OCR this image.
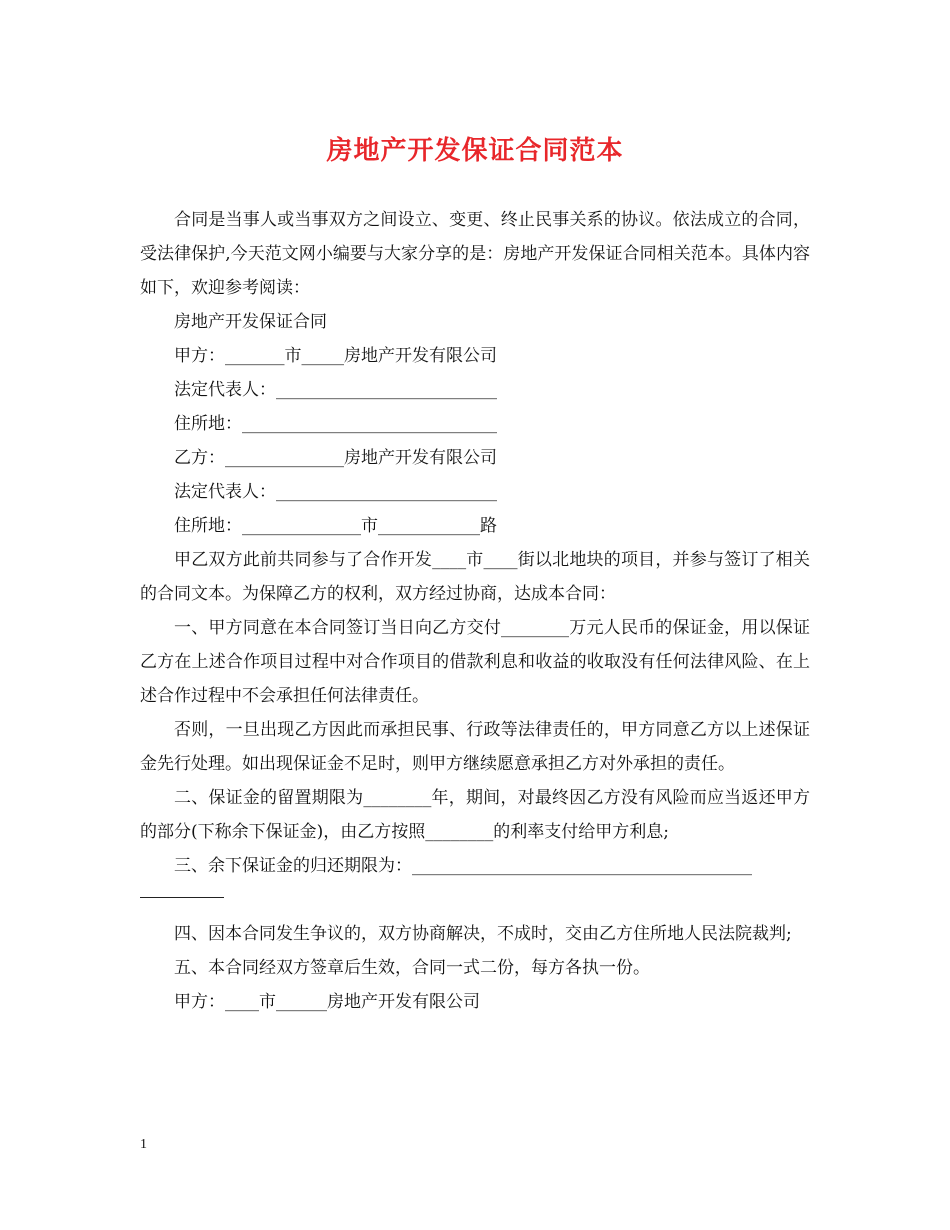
房地产开发保证合同范本

合同是当事人或当事双方之间设立、变更、终止民事关系的协议。依法成立的合同，受法律保护,今天范文网小编要与大家分享的是：房地产开发保证合同相关范本。具体内容如下，欢迎参考阅读：

房地产开发保证合同

甲方：_______市_____房地产开发有限公司

法定代表人：__________________________

住所地：______________________________

乙方：______________房地产开发有限公司

法定代表人：__________________________

住所地：______________市____________路

甲乙双方此前共同参与了合作开发____市____街以北地块的项目，并参与签订了相关的合同文本。为保障乙方的权利，双方经过协商，达成本合同：

一、甲方同意在本合同签订当日向乙方交付________万元人民币的保证金，用以保证乙方在上述合作项目过程中对合作项目的借款利息和收益的收取没有任何法律风险、在上述合作过程中不会承担任何法律责任。

否则，一旦出现乙方因此而承担民事、行政等法律责任的，甲方同意乙方以上述保证金先行处理。如出现保证金不足时，则甲方继续愿意承担乙方对外承担的责任。

二、保证金的留置期限为________年，期间，对最终因乙方没有风险而应当返还甲方的部分(下称余下保证金)，由乙方按照________的利率支付给甲方利息;

三、余下保证金的归还期限为：________________________________________

四、因本合同发生争议的，双方协商解决，不成时，交由乙方住所地人民法院裁判;

五、本合同经双方签章后生效，合同一式二份，每方各执一份。

甲方：____市______房地产开发有限公司

1
